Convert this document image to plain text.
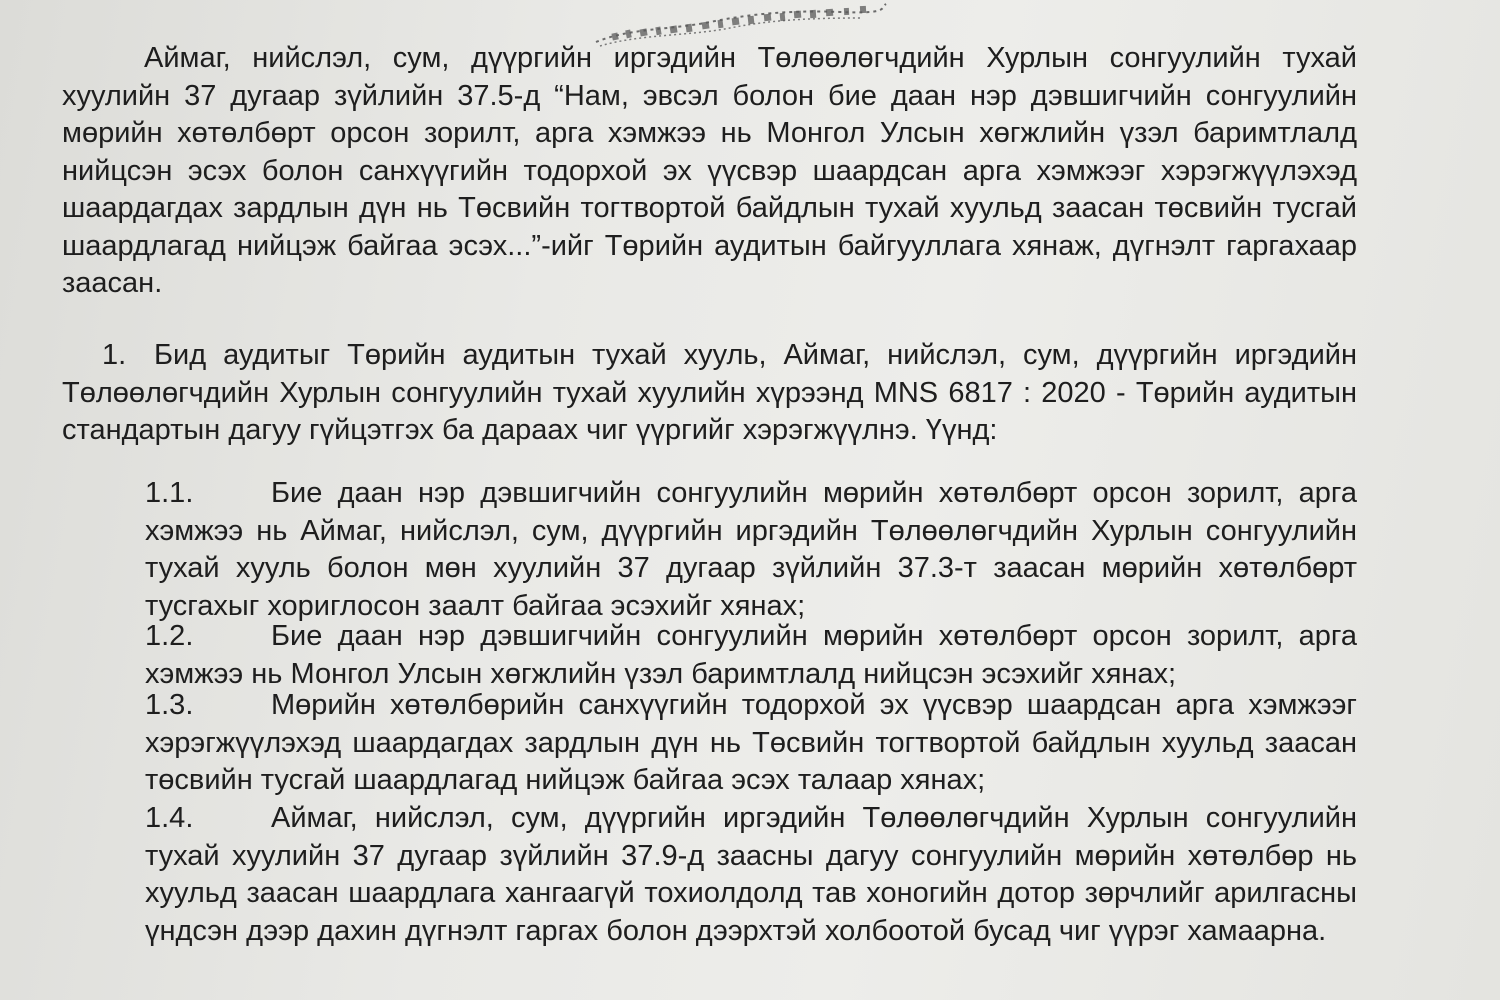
Аймаг, нийслэл, сум, дүүргийн иргэдийн Төлөөлөгчдийн Хурлын сонгуулийн тухай хуулийн 37 дугаар зүйлийн 37.5-д “Нам, эвсэл болон бие даан нэр дэвшигчийн сонгуулийн мөрийн хөтөлбөрт орсон зорилт, арга хэмжээ нь Монгол Улсын хөгжлийн үзэл баримтлалд нийцсэн эсэх болон санхүүгийн тодорхой эх үүсвэр шаардсан арга хэмжээг хэрэгжүүлэхэд шаардагдах зардлын дүн нь Төсвийн тогтвортой байдлын тухай хуульд заасан төсвийн тусгай шаардлагад нийцэж байгаа эсэх...”-ийг Төрийн аудитын байгууллага хянаж, дүгнэлт гаргахаар заасан.

1. Бид аудитыг Төрийн аудитын тухай хууль, Аймаг, нийслэл, сум, дүүргийн иргэдийн Төлөөлөгчдийн Хурлын сонгуулийн тухай хуулийн хүрээнд MNS 6817 : 2020 - Төрийн аудитын стандартын дагуу гүйцэтгэх ба дараах чиг үүргийг хэрэгжүүлнэ. Үүнд:

1.1.	Бие даан нэр дэвшигчийн сонгуулийн мөрийн хөтөлбөрт орсон зорилт, арга хэмжээ нь Аймаг, нийслэл, сум, дүүргийн иргэдийн Төлөөлөгчдийн Хурлын сонгуулийн тухай хууль болон мөн хуулийн 37 дугаар зүйлийн 37.3-т заасан мөрийн хөтөлбөрт тусгахыг хориглосон заалт байгаа эсэхийг хянах;

1.2.	Бие даан нэр дэвшигчийн сонгуулийн мөрийн хөтөлбөрт орсон зорилт, арга хэмжээ нь Монгол Улсын хөгжлийн үзэл баримтлалд нийцсэн эсэхийг хянах;

1.3.	Мөрийн хөтөлбөрийн санхүүгийн тодорхой эх үүсвэр шаардсан арга хэмжээг хэрэгжүүлэхэд шаардагдах зардлын дүн нь Төсвийн тогтвортой байдлын хуульд заасан төсвийн тусгай шаардлагад нийцэж байгаа эсэх талаар хянах;

1.4.	Аймаг, нийслэл, сум, дүүргийн иргэдийн Төлөөлөгчдийн Хурлын сонгуулийн тухай хуулийн 37 дугаар зүйлийн 37.9-д заасны дагуу сонгуулийн мөрийн хөтөлбөр нь хуульд заасан шаардлага хангаагүй тохиолдолд тав хоногийн дотор зөрчлийг арилгасны үндсэн дээр дахин дүгнэлт гаргах болон дээрхтэй холбоотой бусад чиг үүрэг хамаарна.
